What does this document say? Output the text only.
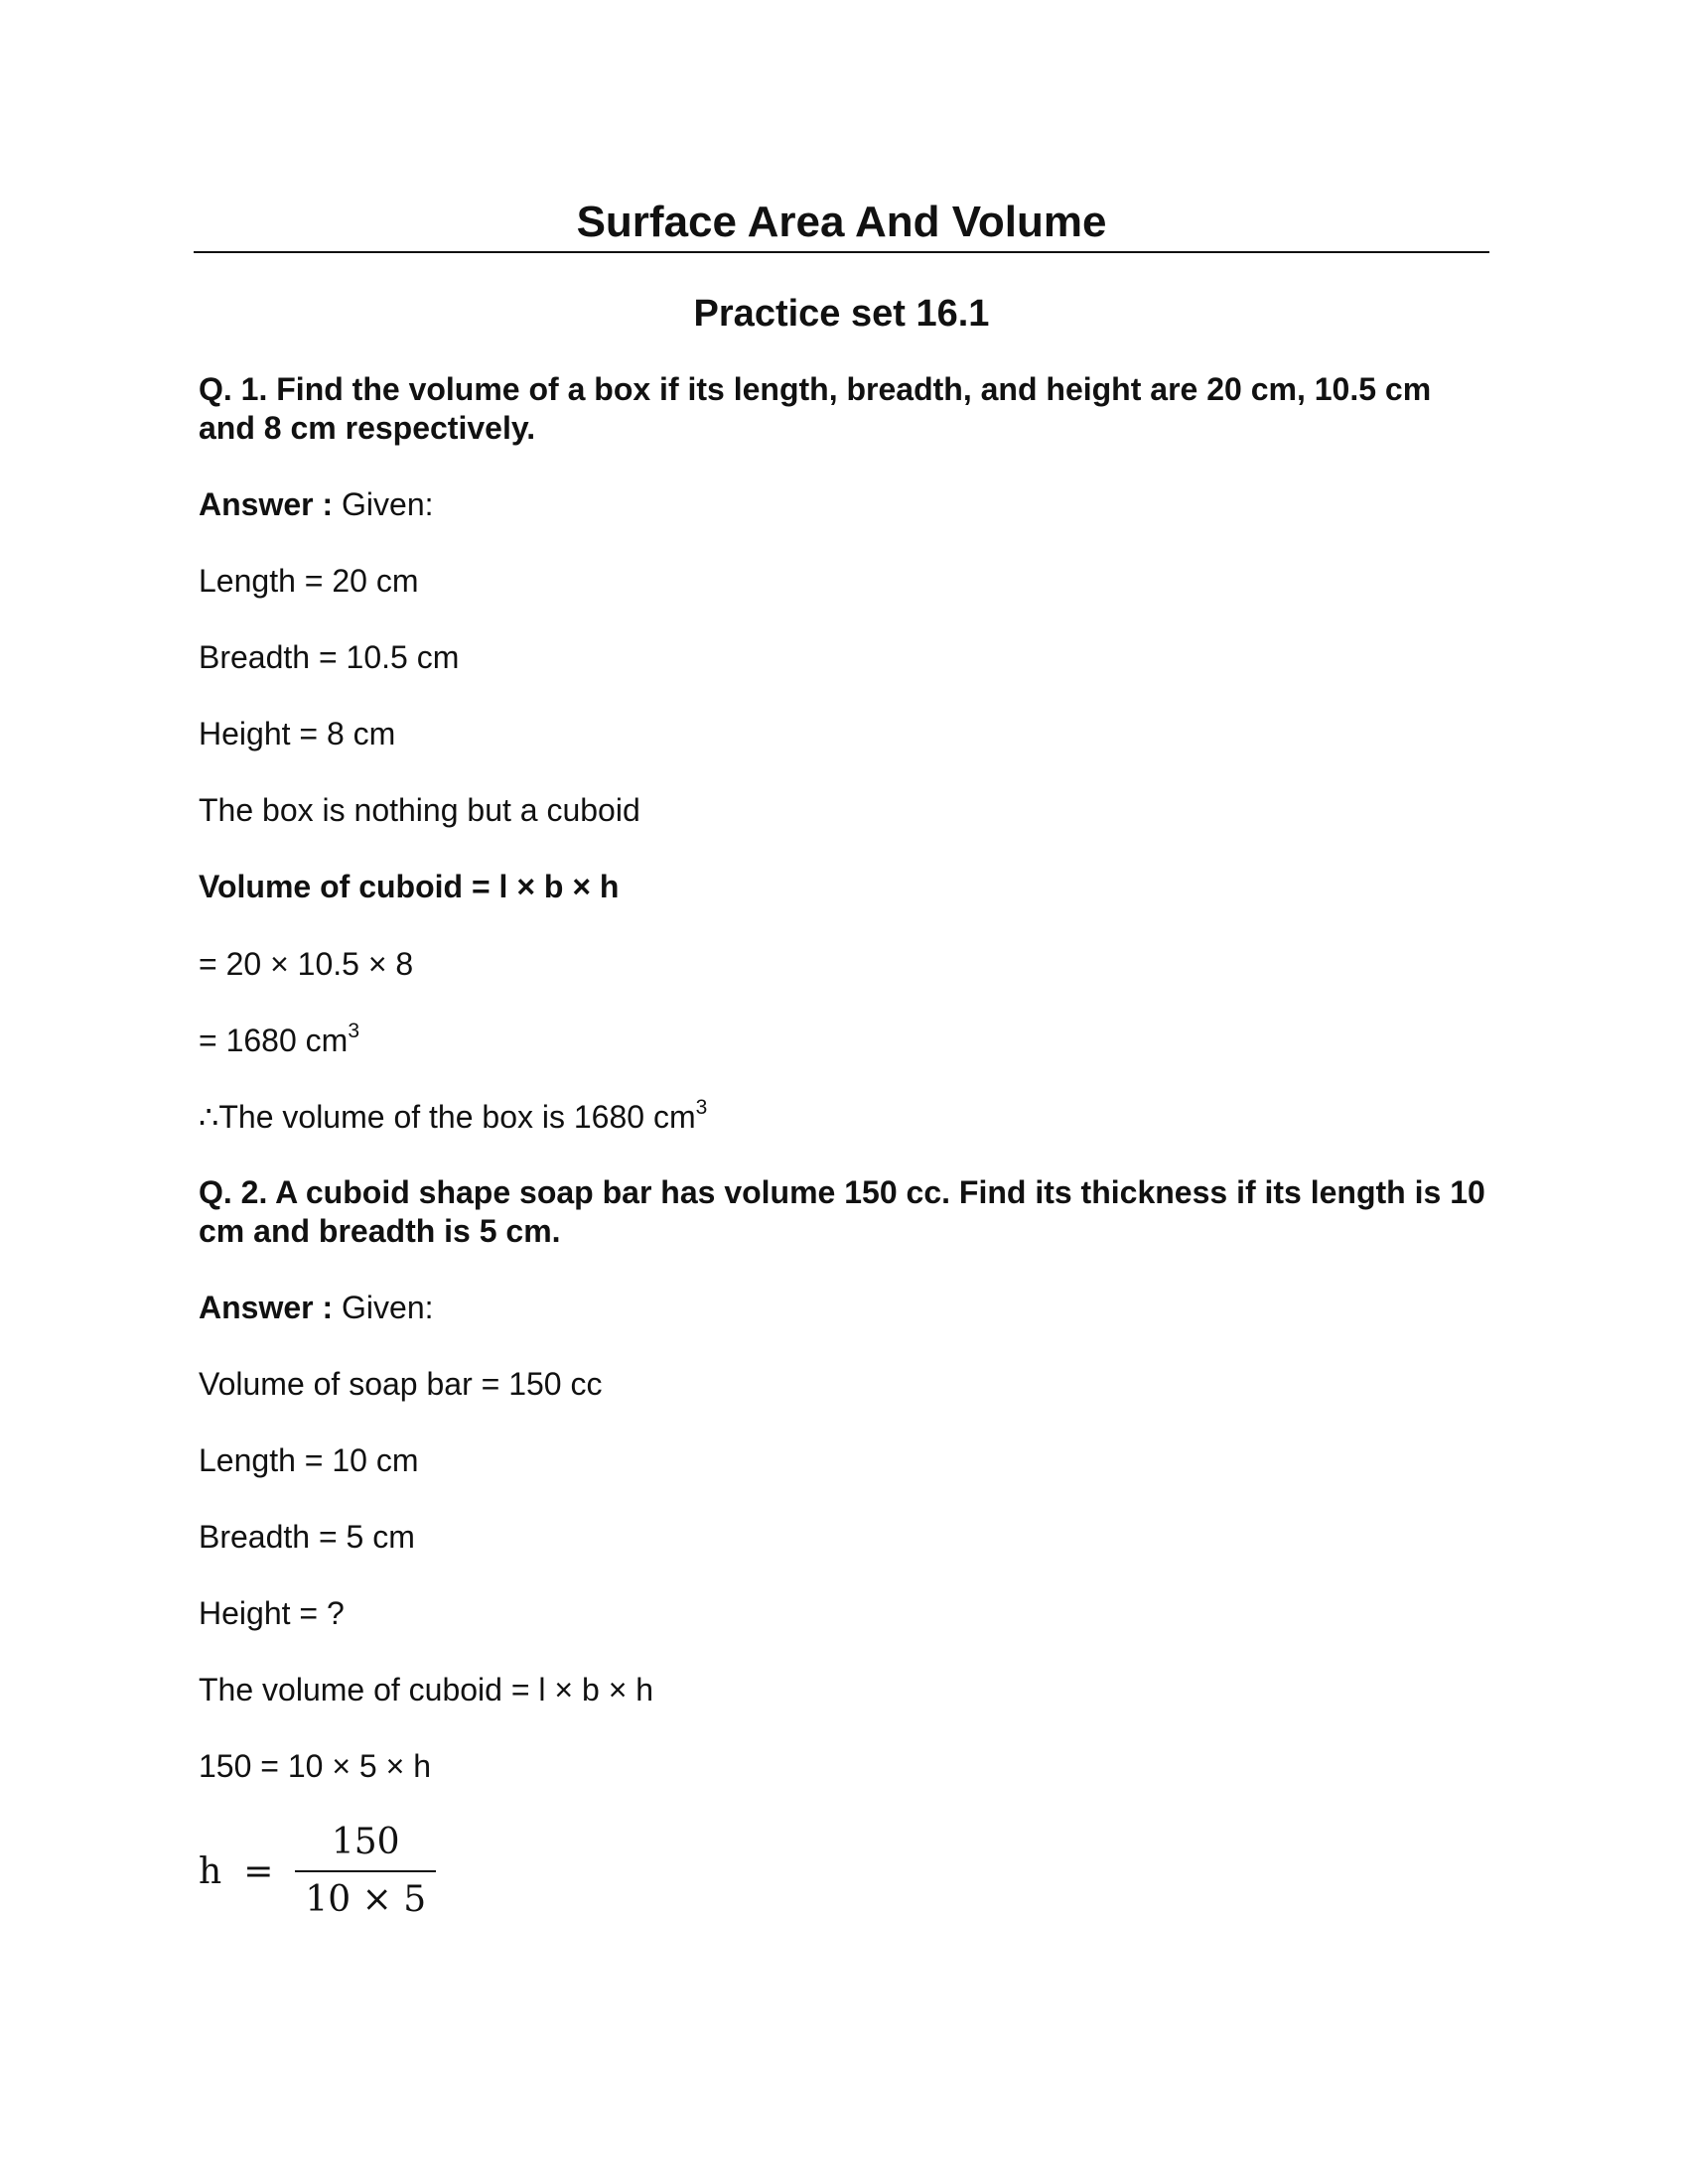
Surface Area And Volume
Practice set 16.1
Q. 1. Find the volume of a box if its length, breadth, and height are 20 cm, 10.5 cm and 8 cm respectively.
Answer : Given:
Length = 20 cm
Breadth = 10.5 cm
Height = 8 cm
The box is nothing but a cuboid
Volume of cuboid = l × b × h
= 20 × 10.5 × 8
= 1680 $cm^3$
∴The volume of the box is 1680 $cm^3$
Q. 2. A cuboid shape soap bar has volume 150 cc. Find its thickness if its length is 10 cm and breadth is 5 cm.
Answer : Given:
Volume of soap bar = 150 cc
Length = 10 cm
Breadth = 5 cm
Height = ?
The volume of cuboid = l × b × h
150 = 10 × 5 × h
$h = \frac{150}{10 \times 5}$
